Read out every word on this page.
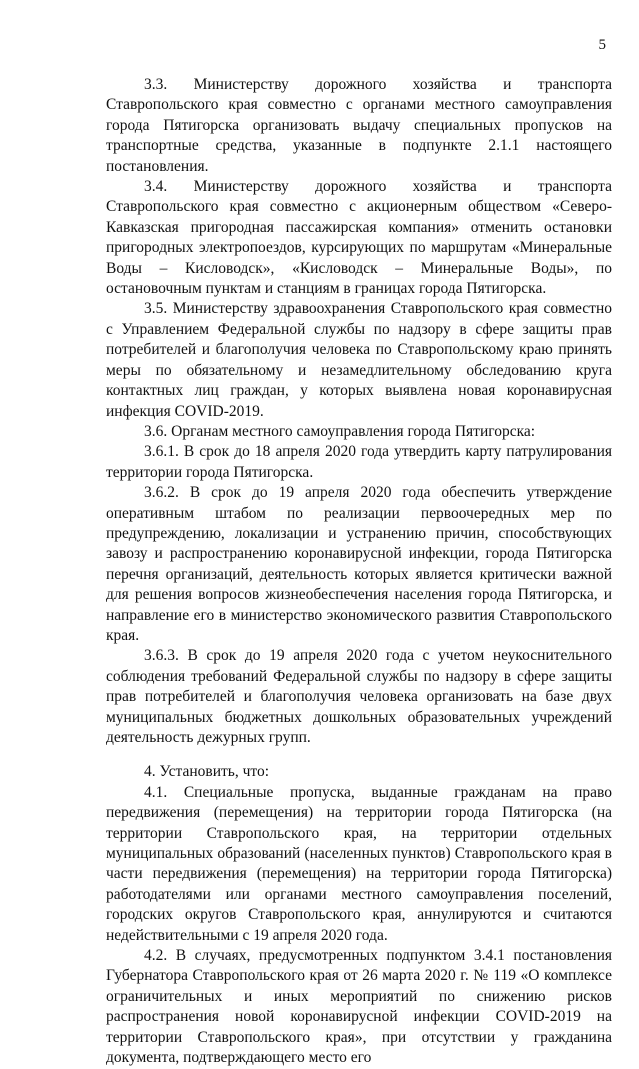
5

3.3. Министерству дорожного хозяйства и транспорта Ставропольского края совместно с органами местного самоуправления города Пятигорска организовать выдачу специальных пропусков на транспортные средства, указанные в подпункте 2.1.1 настоящего постановления.

3.4. Министерству дорожного хозяйства и транспорта Ставропольского края совместно с акционерным обществом «Северо-Кавказская пригородная пассажирская компания» отменить остановки пригородных электропоездов, курсирующих по маршрутам «Минеральные Воды – Кисловодск», «Кисловодск – Минеральные Воды», по остановочным пунктам и станциям в границах города Пятигорска.

3.5. Министерству здравоохранения Ставропольского края совместно с Управлением Федеральной службы по надзору в сфере защиты прав потребителей и благополучия человека по Ставропольскому краю принять меры по обязательному и незамедлительному обследованию круга контактных лиц граждан, у которых выявлена новая коронавирусная инфекция COVID-2019.

3.6. Органам местного самоуправления города Пятигорска:

3.6.1. В срок до 18 апреля 2020 года утвердить карту патрулирования территории города Пятигорска.

3.6.2. В срок до 19 апреля 2020 года обеспечить утверждение оперативным штабом по реализации первоочередных мер по предупреждению, локализации и устранению причин, способствующих завозу и распространению коронавирусной инфекции, города Пятигорска перечня организаций, деятельность которых является критически важной для решения вопросов жизнеобеспечения населения города Пятигорска, и направление его в министерство экономического развития Ставропольского края.

3.6.3. В срок до 19 апреля 2020 года с учетом неукоснительного соблюдения требований Федеральной службы по надзору в сфере защиты прав потребителей и благополучия человека организовать на базе двух муниципальных бюджетных дошкольных образовательных учреждений деятельность дежурных групп.

4. Установить, что:

4.1. Специальные пропуска, выданные гражданам на право передвижения (перемещения) на территории города Пятигорска (на территории Ставропольского края, на территории отдельных муниципальных образований (населенных пунктов) Ставропольского края в части передвижения (перемещения) на территории города Пятигорска) работодателями или органами местного самоуправления поселений, городских округов Ставропольского края, аннулируются и считаются недействительными с 19 апреля 2020 года.

4.2. В случаях, предусмотренных подпунктом 3.4.1 постановления Губернатора Ставропольского края от 26 марта 2020 г. № 119 «О комплексе ограничительных и иных мероприятий по снижению рисков распространения новой коронавирусной инфекции COVID-2019 на территории Ставропольского края», при отсутствии у гражданина документа, подтверждающего место его
